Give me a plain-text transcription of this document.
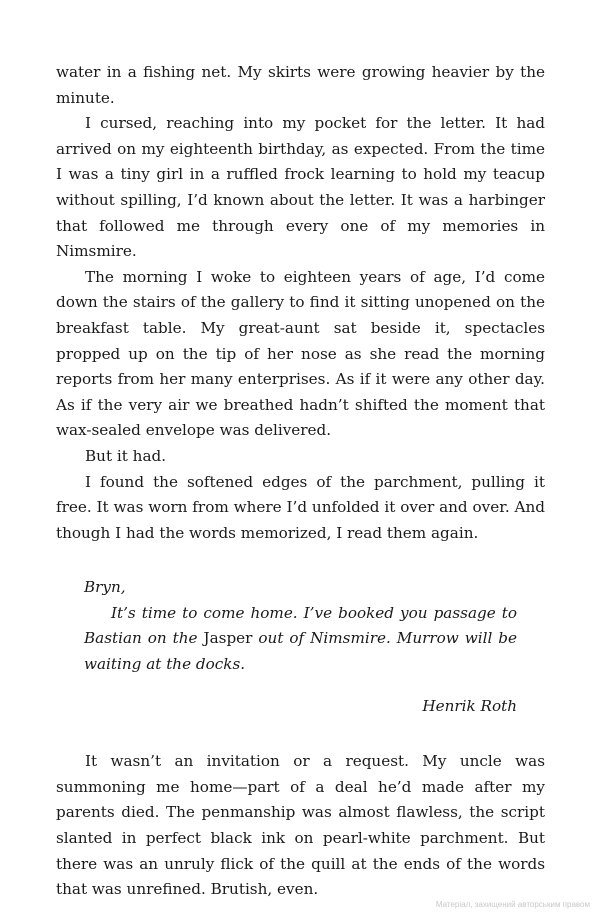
water in a fishing net. My skirts were growing heavier by the minute.

I cursed, reaching into my pocket for the letter. It had arrived on my eighteenth birthday, as expected. From the time I was a tiny girl in a ruffled frock learning to hold my teacup without spilling, I’d known about the letter. It was a harbinger that followed me through every one of my memories in Nimsmire.

The morning I woke to eighteen years of age, I’d come down the stairs of the gallery to find it sitting unopened on the breakfast table. My great-aunt sat beside it, spectacles propped up on the tip of her nose as she read the morning reports from her many enterprises. As if it were any other day. As if the very air we breathed hadn’t shifted the moment that wax-sealed envelope was delivered.

But it had.

I found the softened edges of the parchment, pulling it free. It was worn from where I’d unfolded it over and over. And though I had the words memorized, I read them again.

Bryn,

It’s time to come home. I’ve booked you passage to Bastian on the Jasper out of Nimsmire. Murrow will be waiting at the docks.

Henrik Roth

It wasn’t an invitation or a request. My uncle was summoning me home—part of a deal he’d made after my parents died. The penmanship was almost flawless, the script slanted in perfect black ink on pearl-white parchment. But there was an unruly flick of the quill at the ends of the words that was unrefined. Brutish, even.

Матеріал, захищений авторським правом
